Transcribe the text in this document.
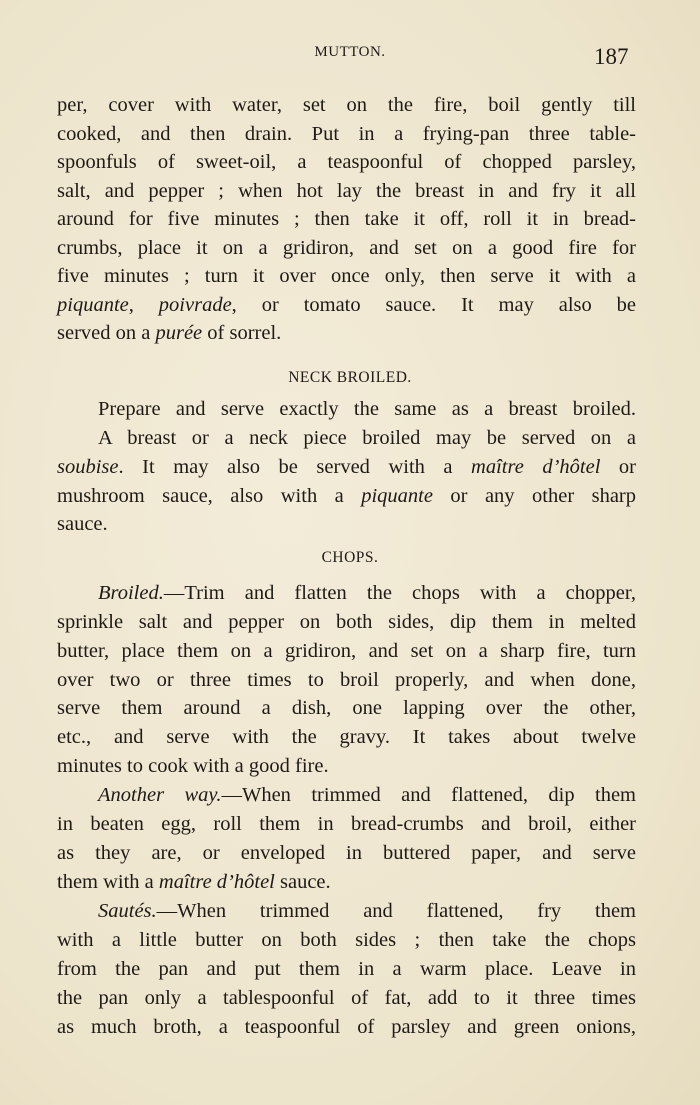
MUTTON.	187
per, cover with water, set on the fire, boil gently till
cooked, and then drain. Put in a frying-pan three table-
spoonfuls of sweet-oil, a teaspoonful of chopped parsley,
salt, and pepper ; when hot lay the breast in and fry it all
around for five minutes ; then take it off, roll it in bread-
crumbs, place it on a gridiron, and set on a good fire for
five minutes ; turn it over once only, then serve it with a
piquante, poivrade, or tomato sauce. It may also be
served on a purée of sorrel.
NECK BROILED.
Prepare and serve exactly the same as a breast broiled.
A breast or a neck piece broiled may be served on a
soubise. It may also be served with a maître d’hôtel or
mushroom sauce, also with a piquante or any other sharp
sauce.
CHOPS.
Broiled.—Trim and flatten the chops with a chopper,
sprinkle salt and pepper on both sides, dip them in melted
butter, place them on a gridiron, and set on a sharp fire, turn
over two or three times to broil properly, and when done,
serve them around a dish, one lapping over the other,
etc., and serve with the gravy. It takes about twelve
minutes to cook with a good fire.
Another way.—When trimmed and flattened, dip them
in beaten egg, roll them in bread-crumbs and broil, either
as they are, or enveloped in buttered paper, and serve
them with a maître d’hôtel sauce.
Sautés.—When trimmed and flattened, fry them
with a little butter on both sides ; then take the chops
from the pan and put them in a warm place. Leave in
the pan only a tablespoonful of fat, add to it three times
as much broth, a teaspoonful of parsley and green onions,
